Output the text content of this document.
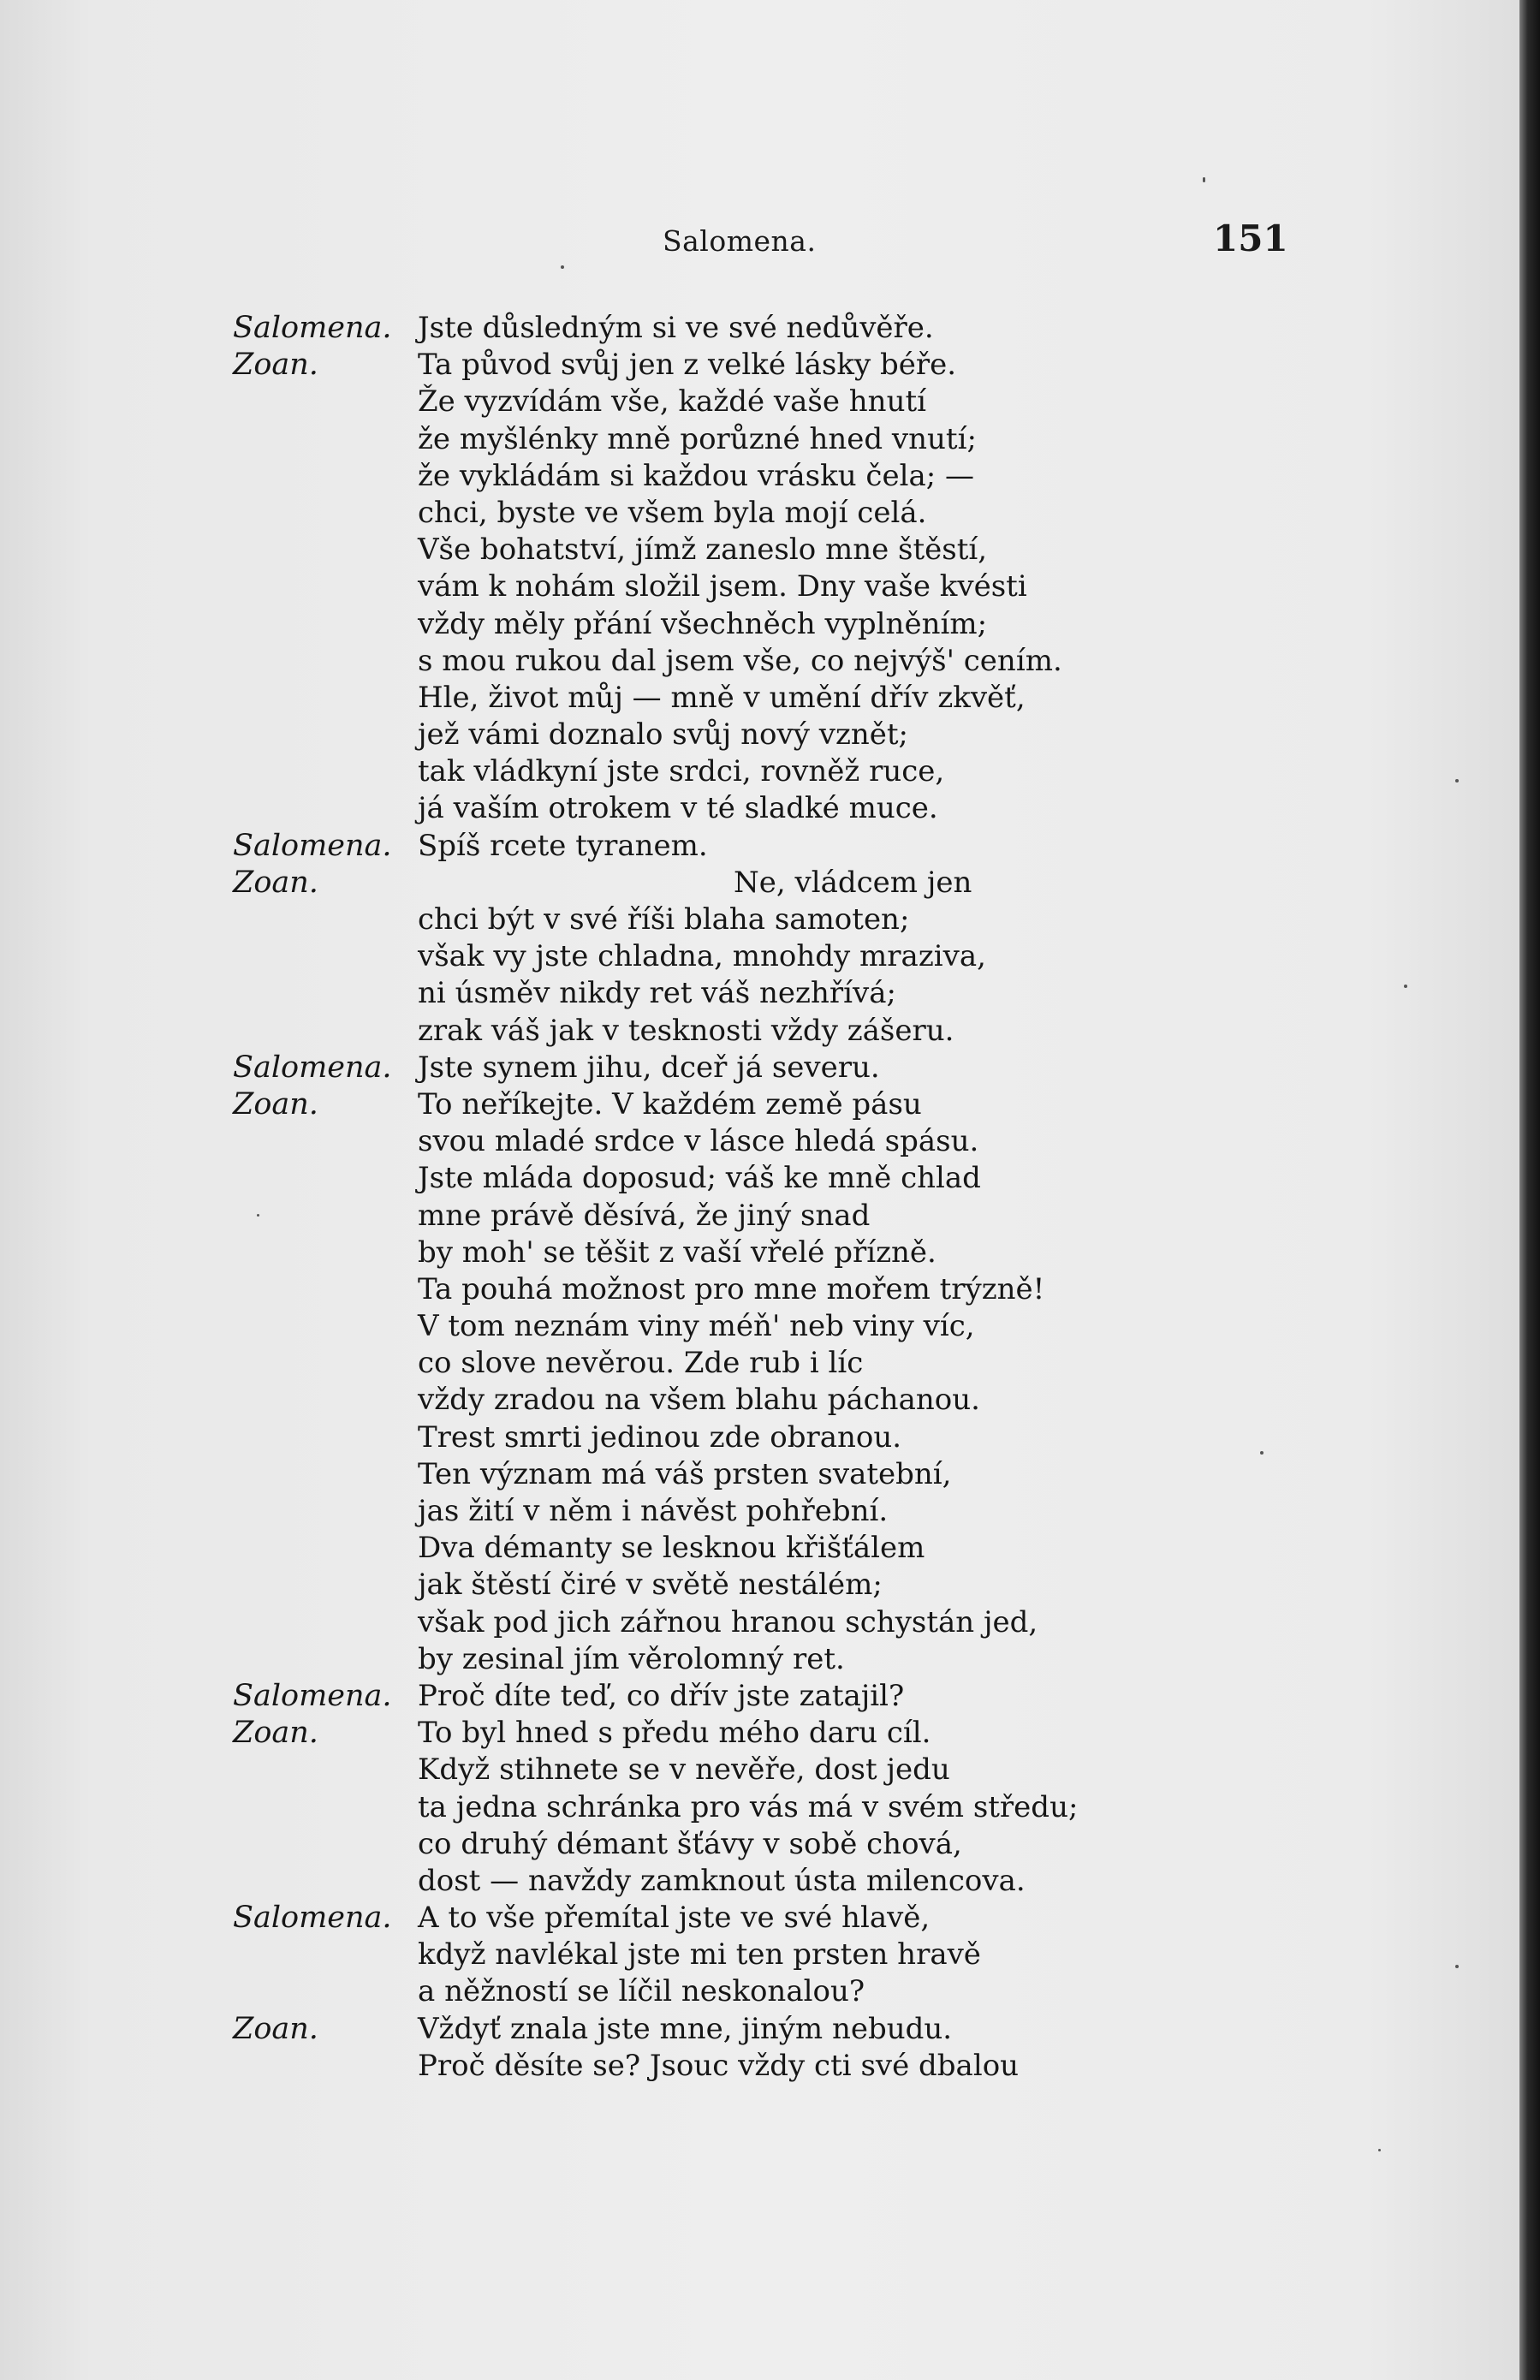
Salomena.	151
Salomena. Jste důsledným si ve své nedůvěře.
Zoan.	Ta původ svůj jen z velké lásky béře.
Že vyzvídám vše, každé vaše hnutí
že myšlénky mně porůzné hned vnutí;
že vykládám si každou vrásku čela; —
chci, byste ve všem byla mojí celá.
Vše bohatství, jímž zaneslo mne štěstí,
vám k nohám složil jsem. Dny vaše kvésti
vždy měly přání všechněch vyplněním;
s mou rukou dal jsem vše, co nejvýš' cením.
Hle, život můj — mně v umění dřív zkvěť,
jež vámi doznalo svůj nový vznět;
tak vládkyní jste srdci, rovněž ruce,
já vaším otrokem v té sladké muce.
Salomena. Spíš rcete tyranem.
Zoan.	Ne, vládcem jen
chci být v své říši blaha samoten;
však vy jste chladna, mnohdy mraziva,
ni úsměv nikdy ret váš nezhřívá;
zrak váš jak v tesknosti vždy zášeru.
Salomena. Jste synem jihu, dceř já severu.
Zoan.	To neříkejte. V každém země pásu
svou mladé srdce v lásce hledá spásu.
Jste mláda doposud; váš ke mně chlad
mne právě děsívá, že jiný snad
by moh' se těšit z vaší vřelé přízně.
Ta pouhá možnost pro mne mořem trýzně!
V tom neznám viny méň' neb viny víc,
co slove nevěrou. Zde rub i líc
vždy zradou na všem blahu páchanou.
Trest smrti jedinou zde obranou.
Ten význam má váš prsten svatební,
jas žití v něm i návěst pohřební.
Dva démanty se lesknou křišťálem
jak štěstí čiré v světě nestálém;
však pod jich zářnou hranou schystán jed,
by zesinal jím věrolomný ret.
Salomena. Proč díte teď, co dřív jste zatajil?
Zoan.	To byl hned s předu mého daru cíl.
Když stihnete se v nevěře, dost jedu
ta jedna schránka pro vás má v svém středu;
co druhý démant šťávy v sobě chová,
dost — navždy zamknout ústa milencova.
Salomena. A to vše přemítal jste ve své hlavě,
když navlékal jste mi ten prsten hravě
a něžností se líčil neskonalou?
Zoan.	Vždyť znala jste mne, jiným nebudu.
Proč děsíte se? Jsouc vždy cti své dbalou
